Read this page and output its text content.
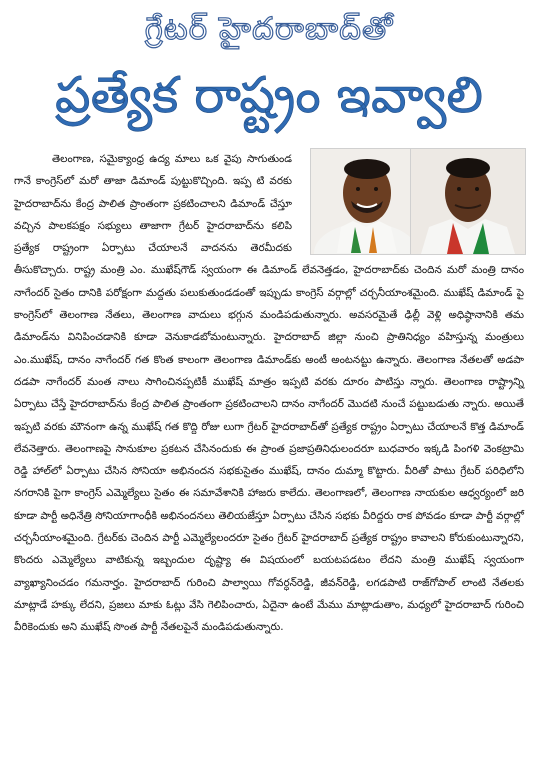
గ్రేటర్ హైదరాబాద్‌తో
ప్రత్యేక రాష్ట్రం ఇవ్వాలి

తెలంగాణ, సమైక్యాంధ్ర ఉద్య మాలు ఒక వైపు సాగుతుండ గానే కాంగ్రెస్‌లో మరో తాజా డిమాండ్ పుట్టుకొచ్చింది. ఇప్ప టి వరకు హైదరాబాద్‌ను కేంద్ర పాలిత ప్రాంతంగా ప్రకటించాలని డిమాండ్ చేస్తూ వచ్చిన పాలకపక్షం సభ్యులు తాజాగా గ్రేటర్ హైదరాబాద్‌ను కలిపి ప్రత్యేక రాష్ట్రంగా ఏర్పాటు చేయాలనే వాదనను తెరమీదకు తీసుకొచ్చారు. రాష్ట్ర మంత్రి ఎం. ముఖేష్‌గౌడ్ స్వయంగా ఈ డిమాండ్ లేవనెత్తడం, హైదరాబాద్‌కు చెందిన మరో మంత్రి దానం నాగేందర్ సైతం దానికి పరోక్షంగా మద్దతు పలుకుతుండడంతో ఇప్పుడు కాంగ్రెస్ వర్గాల్లో చర్చనీయాంశమైంది. ముఖేష్ డిమాండ్ పై కాంగ్రెస్‌లో తెలంగాణ నేతలు, తెలంగాణ వాదులు భగ్గున మండిపడుతున్నారు. అవసరమైతే ఢిల్లీ వెళ్లి అధిష్ఠానానికి తమ డిమాండ్‌ను వినిపించడానికి కూడా వెనుకాడబోమంటున్నారు. హైదరాబాద్ జిల్లా నుంచి ప్రాతినిధ్యం వహిస్తున్న మంత్రులు ఎం.ముఖేష్, దానం నాగేందర్ గత కొంత కాలంగా తెలంగాణ డిమాండ్‌కు అంటీ అంటనట్టు ఉన్నారు. తెలంగాణ నేతలతో అడపా దడపా నాగేందర్ మంత నాలు సాగించినప్పటికీ ముఖేష్ మాత్రం ఇప్పటి వరకు దూరం పాటిస్తు న్నారు. తెలంగాణ రాష్ట్రాన్ని ఏర్పాటు చేస్తే హైదరాబాద్‌ను కేంద్ర పాలిత ప్రాంతంగా ప్రకటించాలని దానం నాగేందర్ మొదటి నుంచే పట్టుబడుతు న్నారు. అయితే ఇప్పటి వరకు మౌనంగా ఉన్న ముఖేష్ గత కొద్ది రోజు లుగా గ్రేటర్ హైదరాబాద్‌తో ప్రత్యేక రాష్ట్రం ఏర్పాటు చేయాలనే కొత్త డిమాండ్ లేవనెత్తారు. తెలంగాణపై సానుకూల ప్రకటన చేసినందుకు ఈ ప్రాంత ప్రజాప్రతినిధులందరూ బుధవారం ఇక్కడి పింగళి వెంకట్రామి రెడ్డి హాల్‌లో ఏర్పాటు చేసిన సోనియా అభినందన సభకుసైతం ముఖేష్, దానం దుమ్మా కొట్టారు. వీరితో పాటు గ్రేటర్ పరిధిలోని నగరానికి పైగా కాంగ్రెస్ ఎమ్మెల్యేలు సైతం ఈ సమావేశానికి హాజరు కాలేదు. తెలంగాణలో, తెలంగాణ నాయకుల ఆధ్వర్యంలో జరి కూడా పార్టీ అధినేత్రి సోనియాగాంధీకి అభినందనలు తెలియజేస్తూ ఏర్పాటు చేసిన సభకు వీరిద్దరు రాక పోవడం కూడా పార్టీ వర్గాల్లో చర్చనీయాంశమైంది. గ్రేటర్‌కు చెందిన పార్టీ ఎమ్మెల్యేలందరూ సైతం గ్రేటర్ హైదరాబాద్ ప్రత్యేక రాష్ట్రం కావాలని కోరుకుంటున్నారని, కొందరు ఎమ్మెల్యేలు వాటికున్న ఇబ్బందుల దృష్ట్యా ఈ విషయంలో బయటపడటం లేదని మంత్రి ముఖేష్ స్వయంగా వ్యాఖ్యానించడం గమనార్హం. హైదరాబాద్ గురించి పాల్వాయి గోవర్ధన్‌రెడ్డి, జీవన్‌రెడ్డి, లగడపాటి రాజ్‌గోపాల్ లాంటి నేతలకు మాట్లాడే హక్కు లేదని, ప్రజలు మాకు ఓట్లు వేసి గెలిపించారు, ఏదైనా ఉంటే మేము మాట్లాడుతాం, మధ్యలో హైదరాబాద్ గురించి వీరికెందుకు అని ముఖేష్ సొంత పార్టీ నేతలపైనే మండిపడుతున్నారు.
